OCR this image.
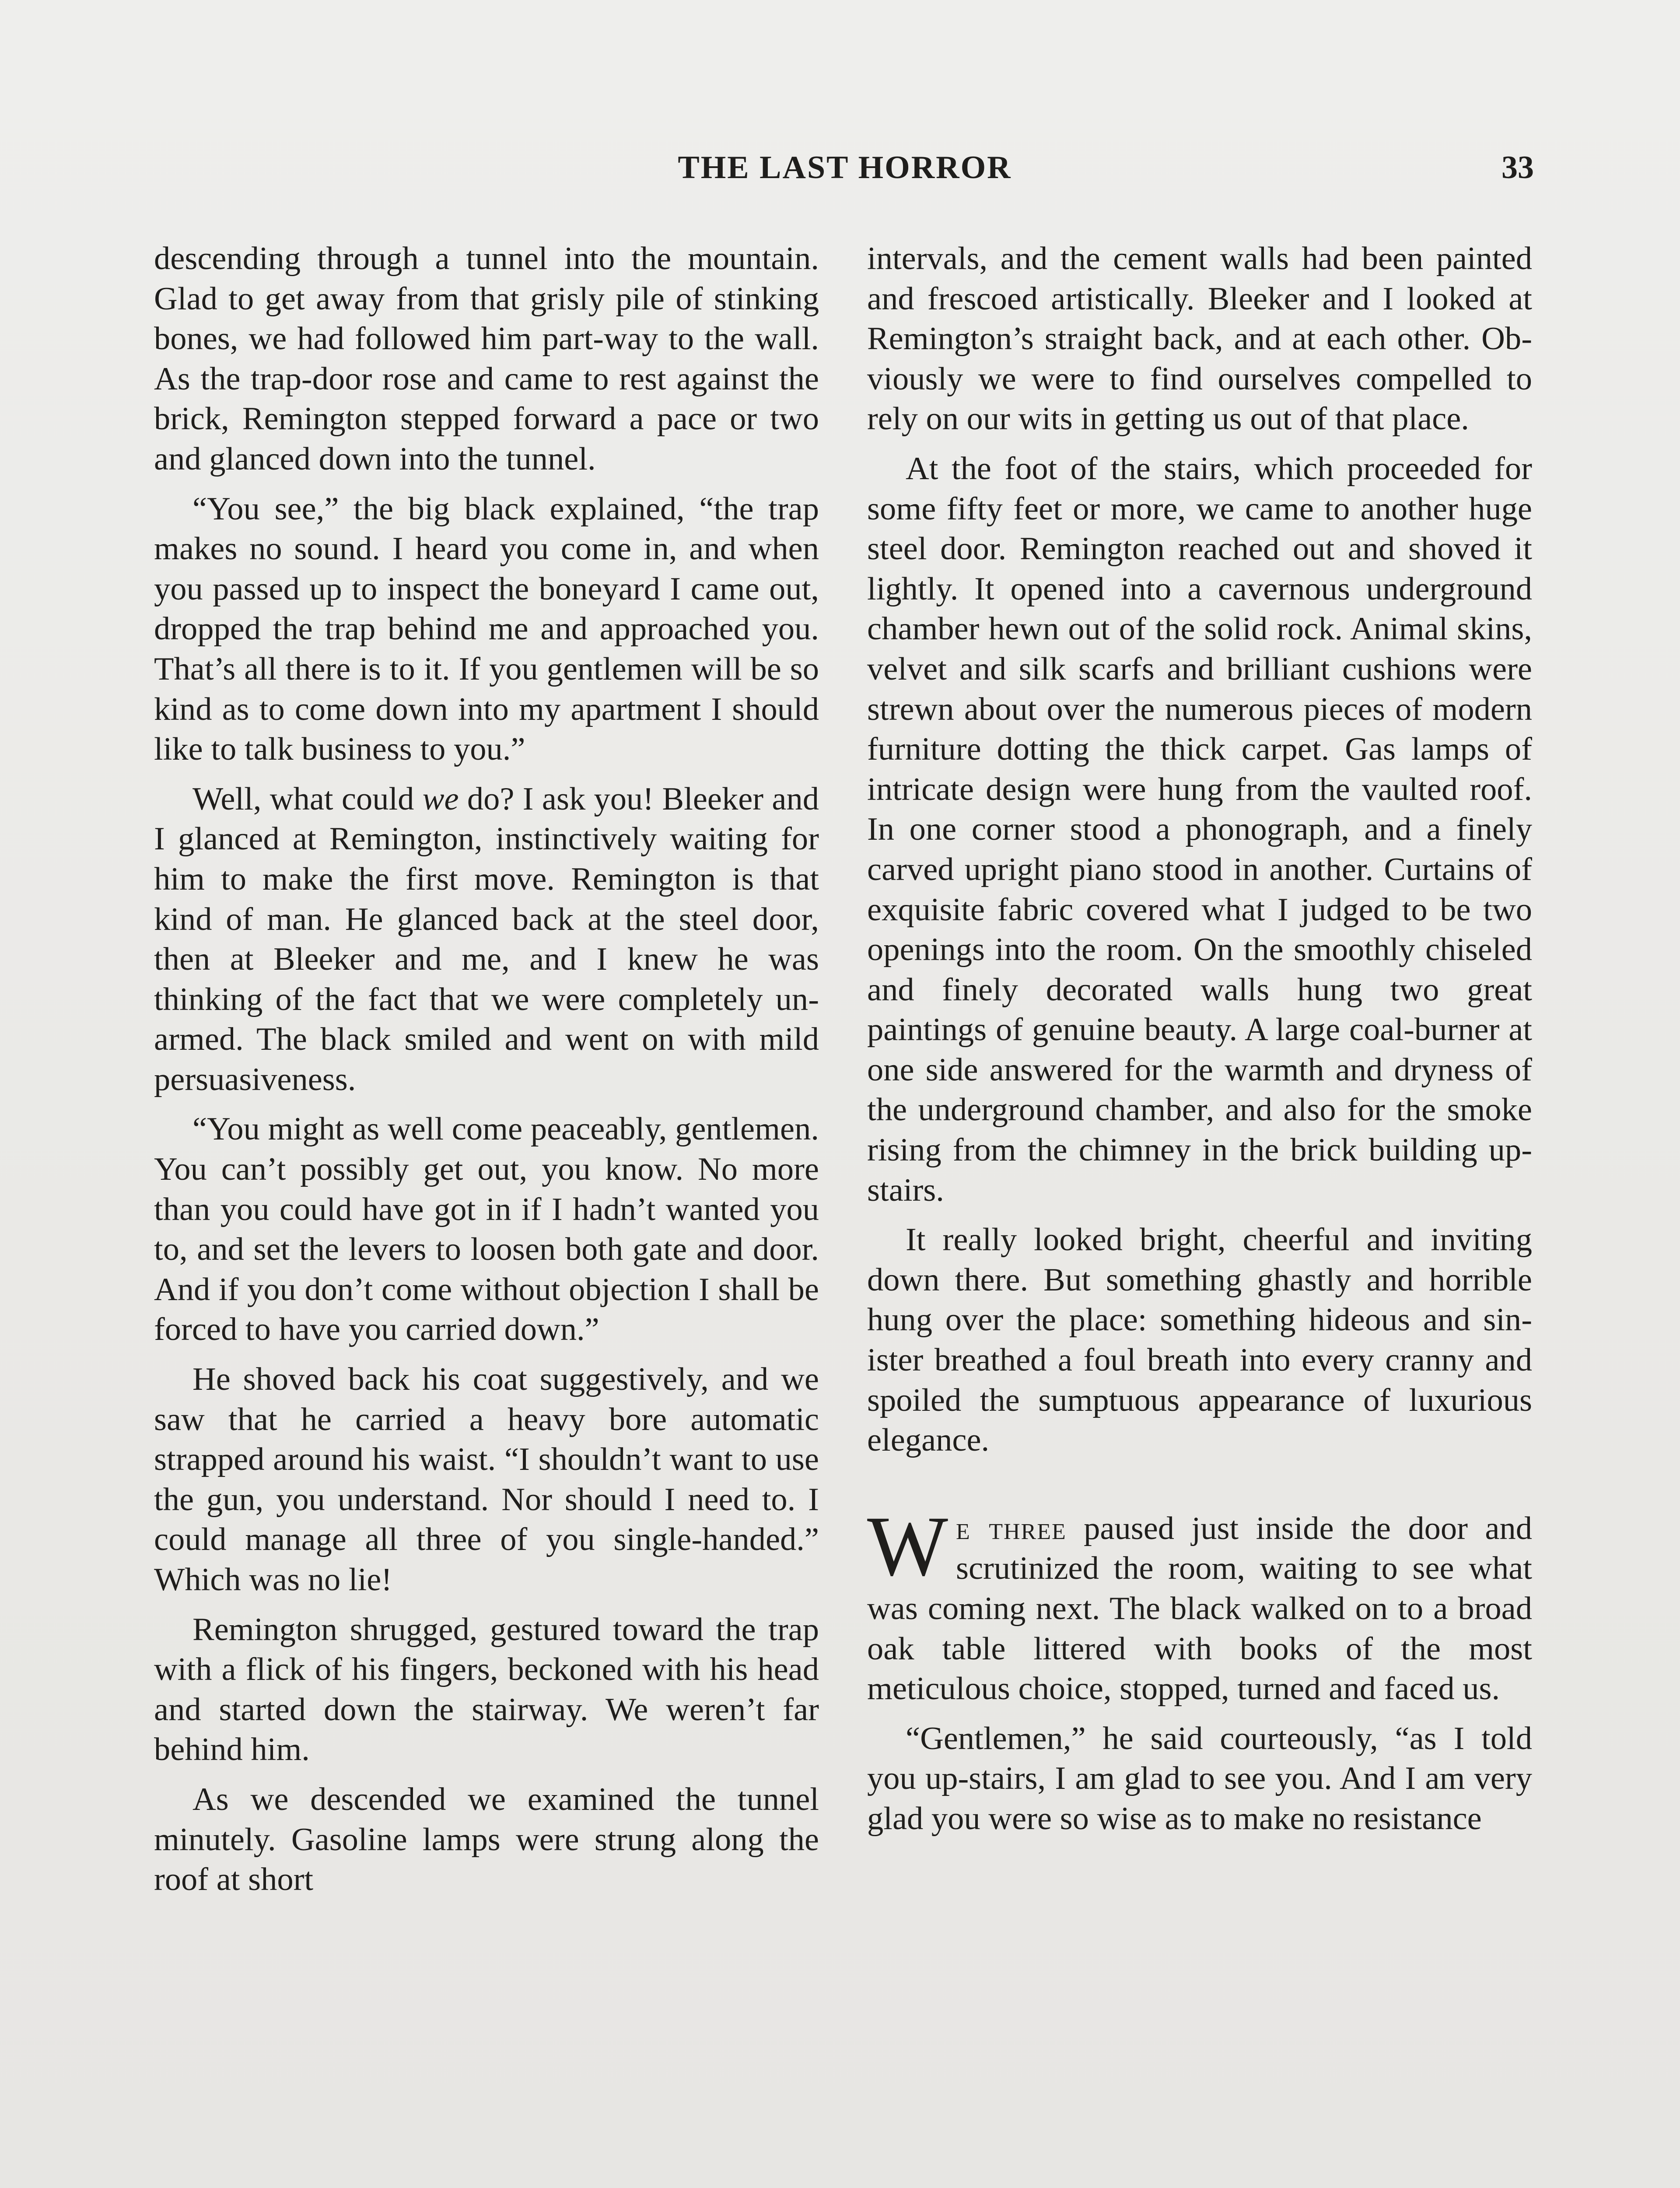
THE LAST HORROR	33

descending through a tunnel into the mountain. Glad to get away from that grisly pile of stinking bones, we had followed him part-way to the wall. As the trap-door rose and came to rest against the brick, Remington stepped forward a pace or two and glanced down into the tunnel.

“You see,” the big black explained, “the trap makes no sound. I heard you come in, and when you passed up to inspect the boneyard I came out, dropped the trap behind me and approached you. That’s all there is to it. If you gentlemen will be so kind as to come down into my apartment I should like to talk business to you.”

Well, what could we do? I ask you! Bleeker and I glanced at Remington, instinctively waiting for him to make the first move. Remington is that kind of man. He glanced back at the steel door, then at Bleeker and me, and I knew he was thinking of the fact that we were completely unarmed. The black smiled and went on with mild persuasiveness.

“You might as well come peaceably, gentlemen. You can’t possibly get out, you know. No more than you could have got in if I hadn’t wanted you to, and set the levers to loosen both gate and door. And if you don’t come without objection I shall be forced to have you carried down.”

He shoved back his coat suggestively, and we saw that he carried a heavy bore automatic strapped around his waist. “I shouldn’t want to use the gun, you understand. Nor should I need to. I could manage all three of you single-handed.” Which was no lie!

Remington shrugged, gestured toward the trap with a flick of his fingers, beckoned with his head and started down the stairway. We weren’t far behind him.

As we descended we examined the tunnel minutely. Gasoline lamps were strung along the roof at short

intervals, and the cement walls had been painted and frescoed artistically. Bleeker and I looked at Remington’s straight back, and at each other. Obviously we were to find ourselves compelled to rely on our wits in getting us out of that place.

At the foot of the stairs, which proceeded for some fifty feet or more, we came to another huge steel door. Remington reached out and shoved it lightly. It opened into a cavernous underground chamber hewn out of the solid rock. Animal skins, velvet and silk scarfs and brilliant cushions were strewn about over the numerous pieces of modern furniture dotting the thick carpet. Gas lamps of intricate design were hung from the vaulted roof. In one corner stood a phonograph, and a finely carved upright piano stood in another. Curtains of exquisite fabric covered what I judged to be two openings into the room. On the smoothly chiseled and finely decorated walls hung two great paintings of genuine beauty. A large coal-burner at one side answered for the warmth and dryness of the underground chamber, and also for the smoke rising from the chimney in the brick building upstairs.

It really looked bright, cheerful and inviting down there. But something ghastly and horrible hung over the place: something hideous and sinister breathed a foul breath into every cranny and spoiled the sumptuous appearance of luxurious elegance.

We three paused just inside the door and scrutinized the room, waiting to see what was coming next. The black walked on to a broad oak table littered with books of the most meticulous choice, stopped, turned and faced us.

“Gentlemen,” he said courteously, “as I told you up-stairs, I am glad to see you. And I am very glad you were so wise as to make no resistance
